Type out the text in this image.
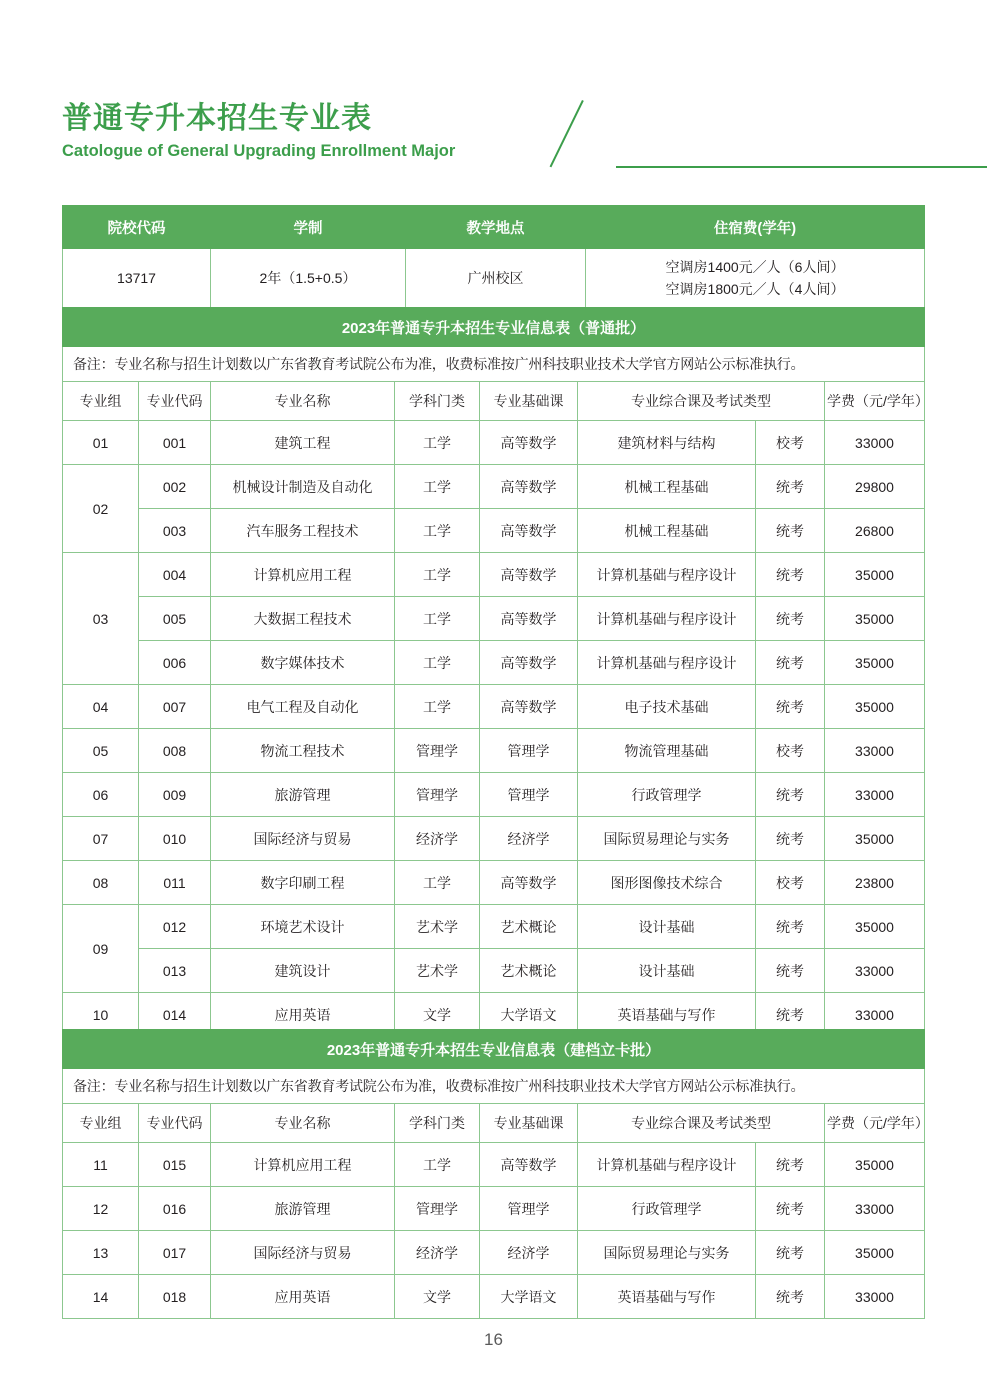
普通专升本招生专业表
Catologue of General Upgrading Enrollment Major
院校代码	学制	教学地点	住宿费(学年)
13717	2年（1.5+0.5）	广州校区	空调房1400元／人（6人间）
空调房1800元／人（4人间）
2023年普通专升本招生专业信息表（普通批）							
备注：专业名称与招生计划数以广东省教育考试院公布为准，收费标准按广州科技职业技术大学官方网站公示标准执行。							
专业组	专业代码	专业名称	学科门类	专业基础课	专业综合课及考试类型		学费（元/学年）
01	001	建筑工程	工学	高等数学	建筑材料与结构	校考	33000
02	002	机械设计制造及自动化	工学	高等数学	机械工程基础	统考	29800
	003	汽车服务工程技术	工学	高等数学	机械工程基础	统考	26800
03	004	计算机应用工程	工学	高等数学	计算机基础与程序设计	统考	35000
	005	大数据工程技术	工学	高等数学	计算机基础与程序设计	统考	35000
	006	数字媒体技术	工学	高等数学	计算机基础与程序设计	统考	35000
04	007	电气工程及自动化	工学	高等数学	电子技术基础	统考	35000
05	008	物流工程技术	管理学	管理学	物流管理基础	校考	33000
06	009	旅游管理	管理学	管理学	行政管理学	统考	33000
07	010	国际经济与贸易	经济学	经济学	国际贸易理论与实务	统考	35000
08	011	数字印刷工程	工学	高等数学	图形图像技术综合	校考	23800
09	012	环境艺术设计	艺术学	艺术概论	设计基础	统考	35000
	013	建筑设计	艺术学	艺术概论	设计基础	统考	33000
10	014	应用英语	文学	大学语文	英语基础与写作	统考	33000
2023年普通专升本招生专业信息表（建档立卡批）							
备注：专业名称与招生计划数以广东省教育考试院公布为准，收费标准按广州科技职业技术大学官方网站公示标准执行。							
专业组	专业代码	专业名称	学科门类	专业基础课	专业综合课及考试类型		学费（元/学年）
11	015	计算机应用工程	工学	高等数学	计算机基础与程序设计	统考	35000
12	016	旅游管理	管理学	管理学	行政管理学	统考	33000
13	017	国际经济与贸易	经济学	经济学	国际贸易理论与实务	统考	35000
14	018	应用英语	文学	大学语文	英语基础与写作	统考	33000
16
